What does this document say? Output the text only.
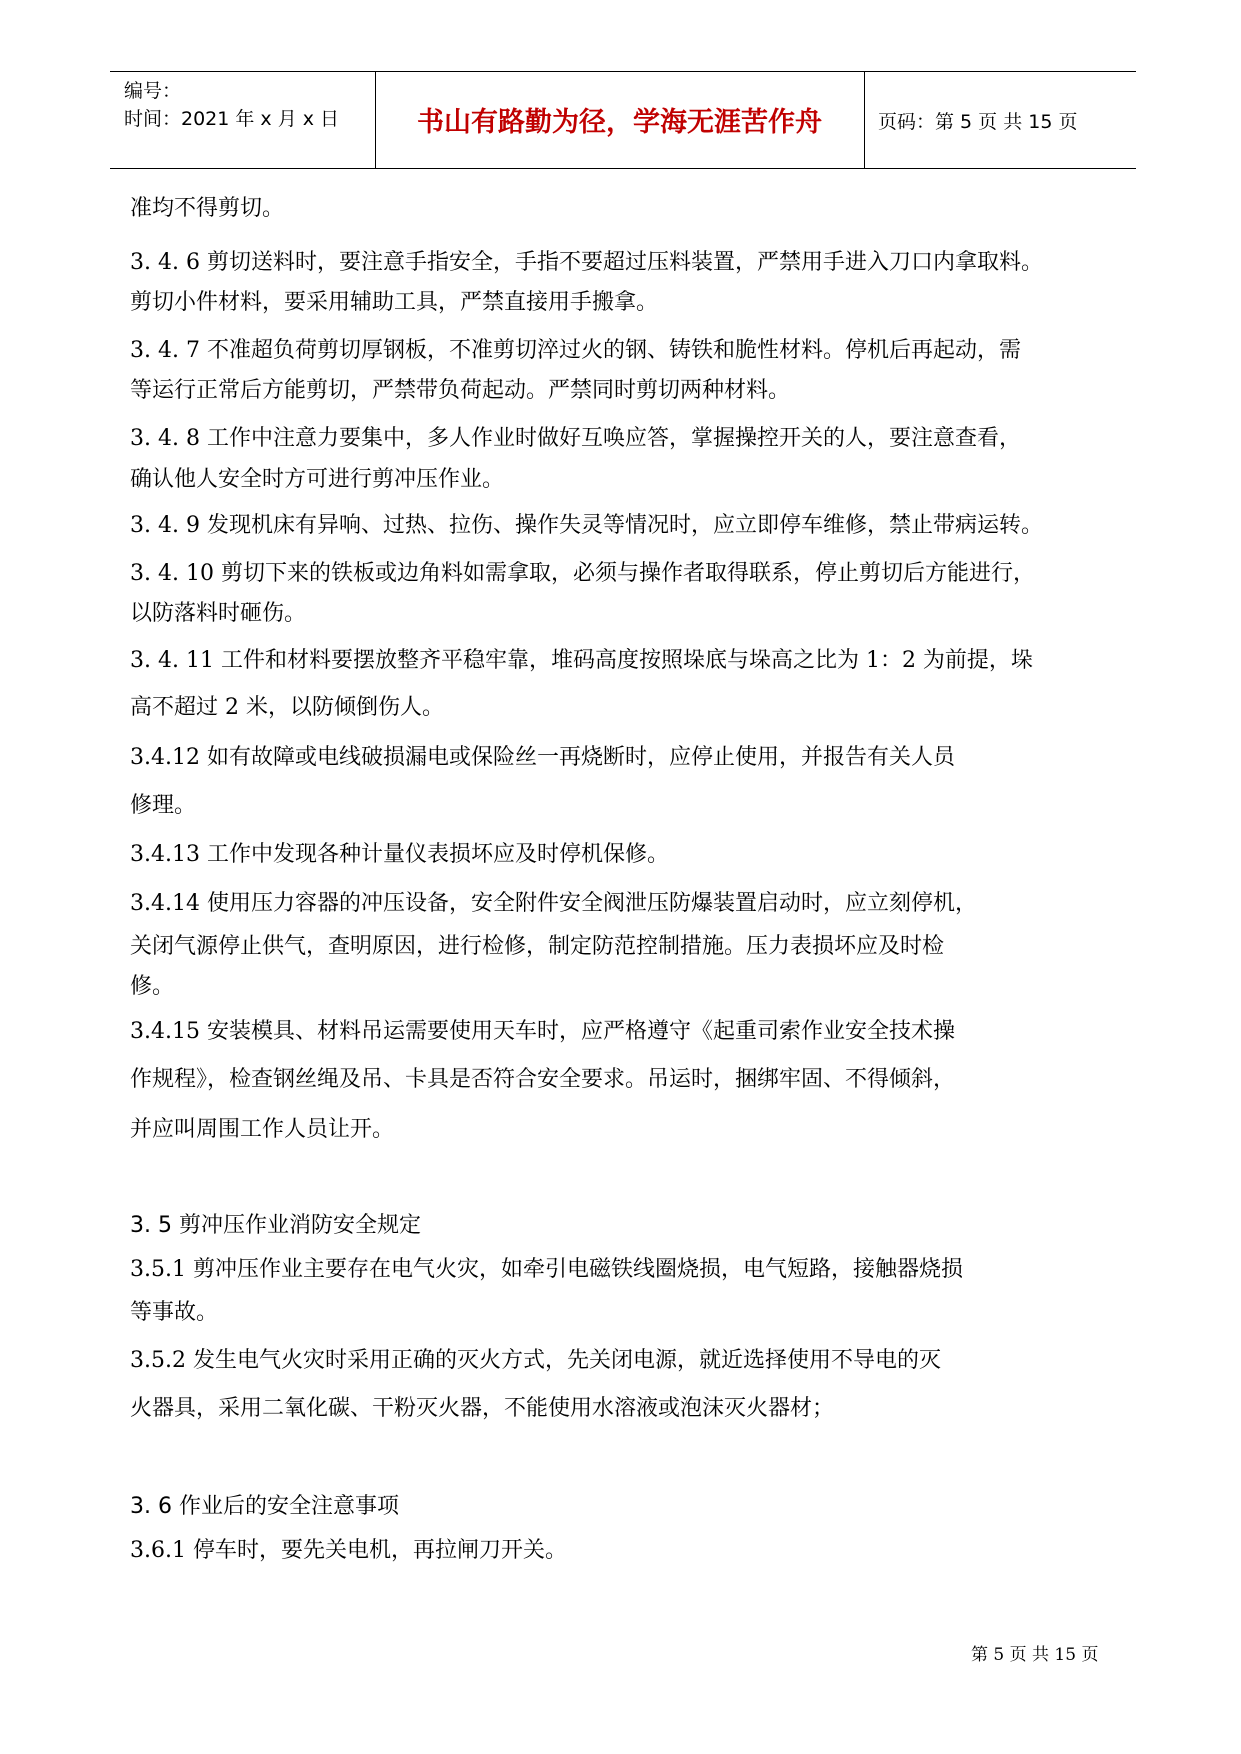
编号：
时间：2021 年 x 月 x 日	书山有路勤为径，学海无涯苦作舟	页码：第 5 页 共 15 页
准均不得剪切。
3. 4. 6 剪切送料时，要注意手指安全，手指不要超过压料装置，严禁用手进入刀口内拿取料。
剪切小件材料，要采用辅助工具，严禁直接用手搬拿。
3. 4. 7 不准超负荷剪切厚钢板，不准剪切淬过火的钢、铸铁和脆性材料。停机后再起动，需
等运行正常后方能剪切，严禁带负荷起动。严禁同时剪切两种材料。
3. 4. 8 工作中注意力要集中，多人作业时做好互唤应答，掌握操控开关的人，要注意查看，
确认他人安全时方可进行剪冲压作业。
3. 4. 9 发现机床有异响、过热、拉伤、操作失灵等情况时，应立即停车维修，禁止带病运转。
3. 4. 10 剪切下来的铁板或边角料如需拿取，必须与操作者取得联系，停止剪切后方能进行，
以防落料时砸伤。
3. 4. 11 工件和材料要摆放整齐平稳牢靠，堆码高度按照垛底与垛高之比为 1：2 为前提，垛
高不超过 2 米，以防倾倒伤人。
3.4.12 如有故障或电线破损漏电或保险丝一再烧断时，应停止使用，并报告有关人员
修理。
3.4.13 工作中发现各种计量仪表损坏应及时停机保修。
3.4.14 使用压力容器的冲压设备，安全附件安全阀泄压防爆装置启动时，应立刻停机，
关闭气源停止供气，查明原因，进行检修，制定防范控制措施。压力表损坏应及时检
修。
3.4.15 安装模具、材料吊运需要使用天车时，应严格遵守《起重司索作业安全技术操
作规程》，检查钢丝绳及吊、卡具是否符合安全要求。吊运时，捆绑牢固、不得倾斜，
并应叫周围工作人员让开。
3. 5 剪冲压作业消防安全规定
3.5.1 剪冲压作业主要存在电气火灾，如牵引电磁铁线圈烧损，电气短路，接触器烧损
等事故。
3.5.2 发生电气火灾时采用正确的灭火方式，先关闭电源，就近选择使用不导电的灭
火器具，采用二氧化碳、干粉灭火器，不能使用水溶液或泡沫灭火器材；
3. 6 作业后的安全注意事项
3.6.1 停车时，要先关电机，再拉闸刀开关。
第 5 页 共 15 页
